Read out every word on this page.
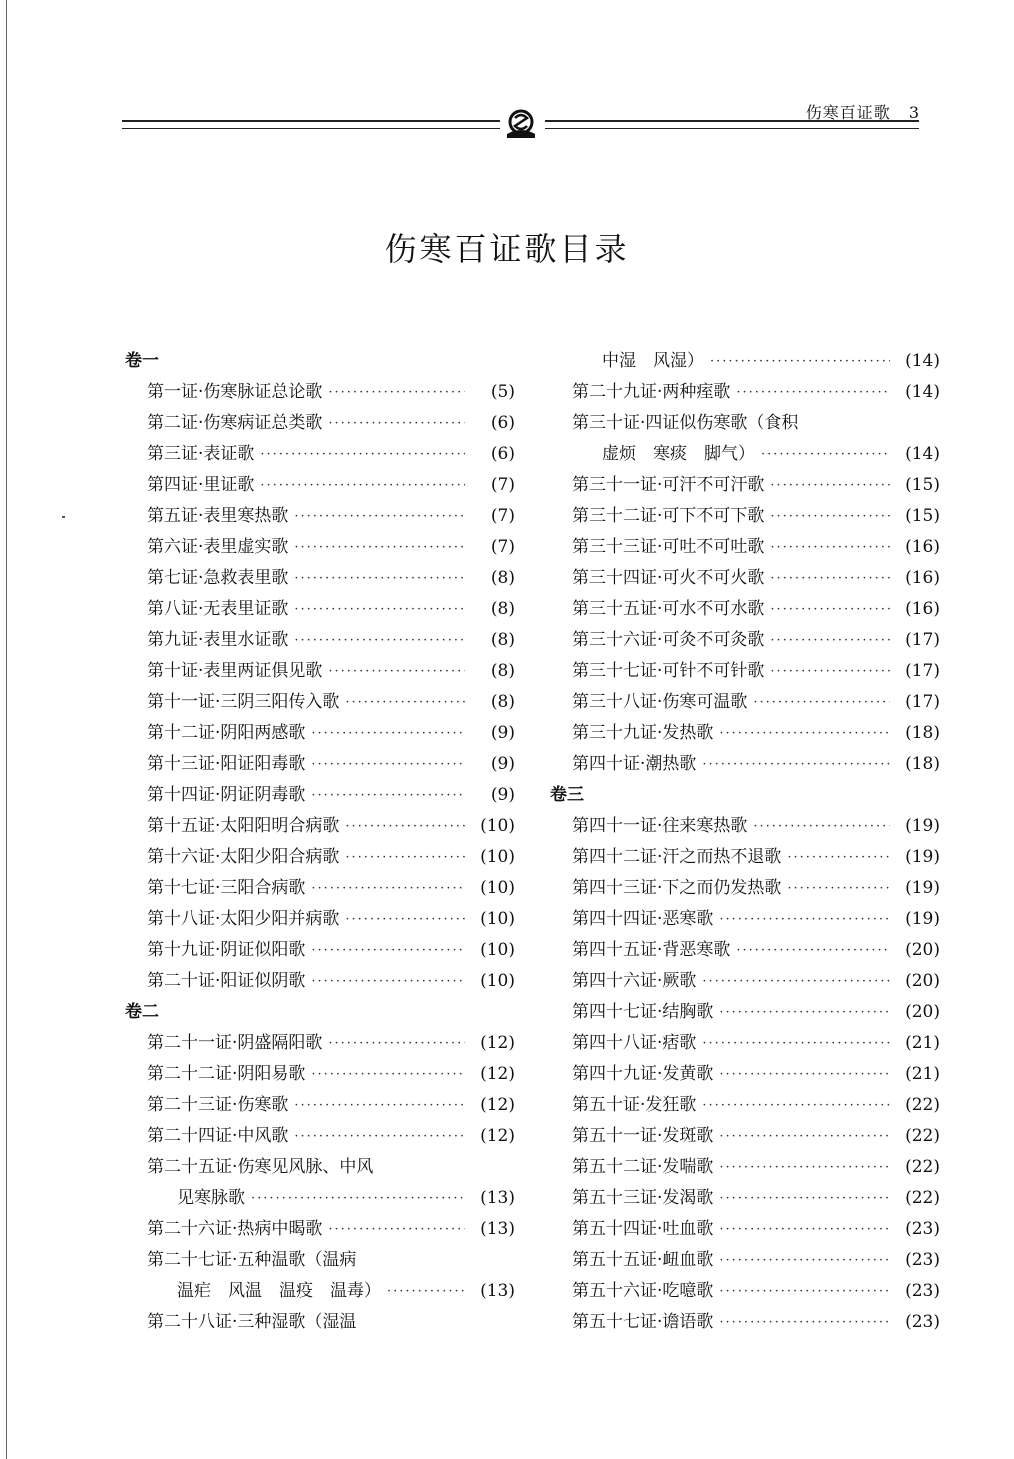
伤寒百证歌 3
伤寒百证歌目录
卷一
第一证·伤寒脉证总论歌 ·····	(5)
第二证·伤寒病证总类歌 ·····	(6)
第三证·表证歌 ·····	(6)
第四证·里证歌 ·····	(7)
第五证·表里寒热歌 ·····	(7)
第六证·表里虚实歌 ·····	(7)
第七证·急救表里歌 ·····	(8)
第八证·无表里证歌 ·····	(8)
第九证·表里水证歌 ·····	(8)
第十证·表里两证俱见歌 ·····	(8)
第十一证·三阴三阳传入歌 ·····	(8)
第十二证·阴阳两感歌 ·····	(9)
第十三证·阳证阳毒歌 ·····	(9)
第十四证·阴证阴毒歌 ·····	(9)
第十五证·太阳阳明合病歌 ·····	(10)
第十六证·太阳少阳合病歌 ·····	(10)
第十七证·三阳合病歌 ·····	(10)
第十八证·太阳少阳并病歌 ·····	(10)
第十九证·阴证似阳歌 ·····	(10)
第二十证·阳证似阴歌 ·····	(10)
卷二
第二十一证·阴盛隔阳歌 ·····	(12)
第二十二证·阴阳易歌 ·····	(12)
第二十三证·伤寒歌 ·····	(12)
第二十四证·中风歌 ·····	(12)
第二十五证·伤寒见风脉、中风
见寒脉歌 ·····	(13)
第二十六证·热病中暍歌 ·····	(13)
第二十七证·五种温歌（温病
温疟　风温　温疫　温毒） ·····	(13)
第二十八证·三种湿歌（湿温
中湿　风湿） ·····	(14)
第二十九证·两种痓歌 ·····	(14)
第三十证·四证似伤寒歌（食积
虚烦　寒痰　脚气） ·····	(14)
第三十一证·可汗不可汗歌 ·····	(15)
第三十二证·可下不可下歌 ·····	(15)
第三十三证·可吐不可吐歌 ·····	(16)
第三十四证·可火不可火歌 ·····	(16)
第三十五证·可水不可水歌 ·····	(16)
第三十六证·可灸不可灸歌 ·····	(17)
第三十七证·可针不可针歌 ·····	(17)
第三十八证·伤寒可温歌 ·····	(17)
第三十九证·发热歌 ·····	(18)
第四十证·潮热歌 ·····	(18)
卷三
第四十一证·往来寒热歌 ·····	(19)
第四十二证·汗之而热不退歌 ·····	(19)
第四十三证·下之而仍发热歌 ·····	(19)
第四十四证·恶寒歌 ·····	(19)
第四十五证·背恶寒歌 ·····	(20)
第四十六证·厥歌 ·····	(20)
第四十七证·结胸歌 ·····	(20)
第四十八证·痞歌 ·····	(21)
第四十九证·发黄歌 ·····	(21)
第五十证·发狂歌 ·····	(22)
第五十一证·发斑歌 ·····	(22)
第五十二证·发喘歌 ·····	(22)
第五十三证·发渴歌 ·····	(22)
第五十四证·吐血歌 ·····	(23)
第五十五证·衄血歌 ·····	(23)
第五十六证·吃噫歌 ·····	(23)
第五十七证·谵语歌 ·····	(23)
